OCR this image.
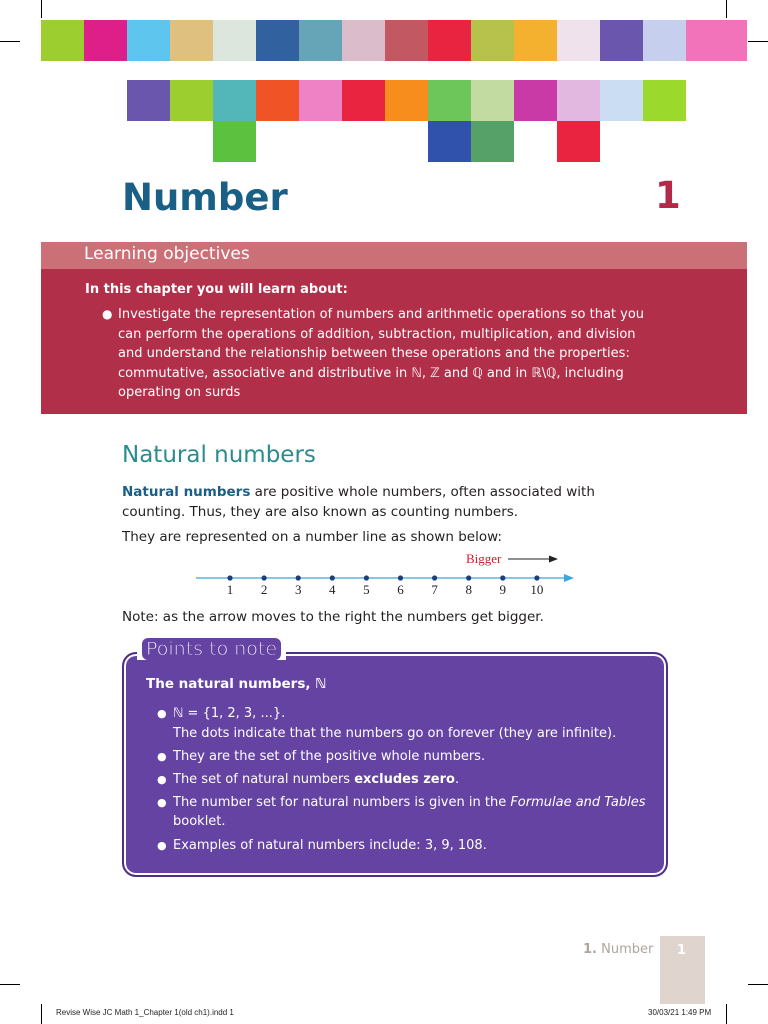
Number	1
Learning objectives
In this chapter you will learn about:
● Investigate the representation of numbers and arithmetic operations so that you can perform the operations of addition, subtraction, multiplication, and division and understand the relationship between these operations and the properties: commutative, associative and distributive in ℕ, ℤ and ℚ and in ℝ\ℚ, including operating on surds
Natural numbers
Natural numbers are positive whole numbers, often associated with counting. Thus, they are also known as counting numbers.
They are represented on a number line as shown below:
Bigger
1 2 3 4 5 6 7 8 9 10
Note: as the arrow moves to the right the numbers get bigger.
Points to note
The natural numbers, ℕ
● ℕ = {1, 2, 3, ...}.
The dots indicate that the numbers go on forever (they are infinite).
● They are the set of the positive whole numbers.
● The set of natural numbers excludes zero.
● The number set for natural numbers is given in the Formulae and Tables booklet.
● Examples of natural numbers include: 3, 9, 108.
1. Number 1
Revise Wise JC Math 1_Chapter 1(old ch1).indd 1	30/03/21 1:49 PM
